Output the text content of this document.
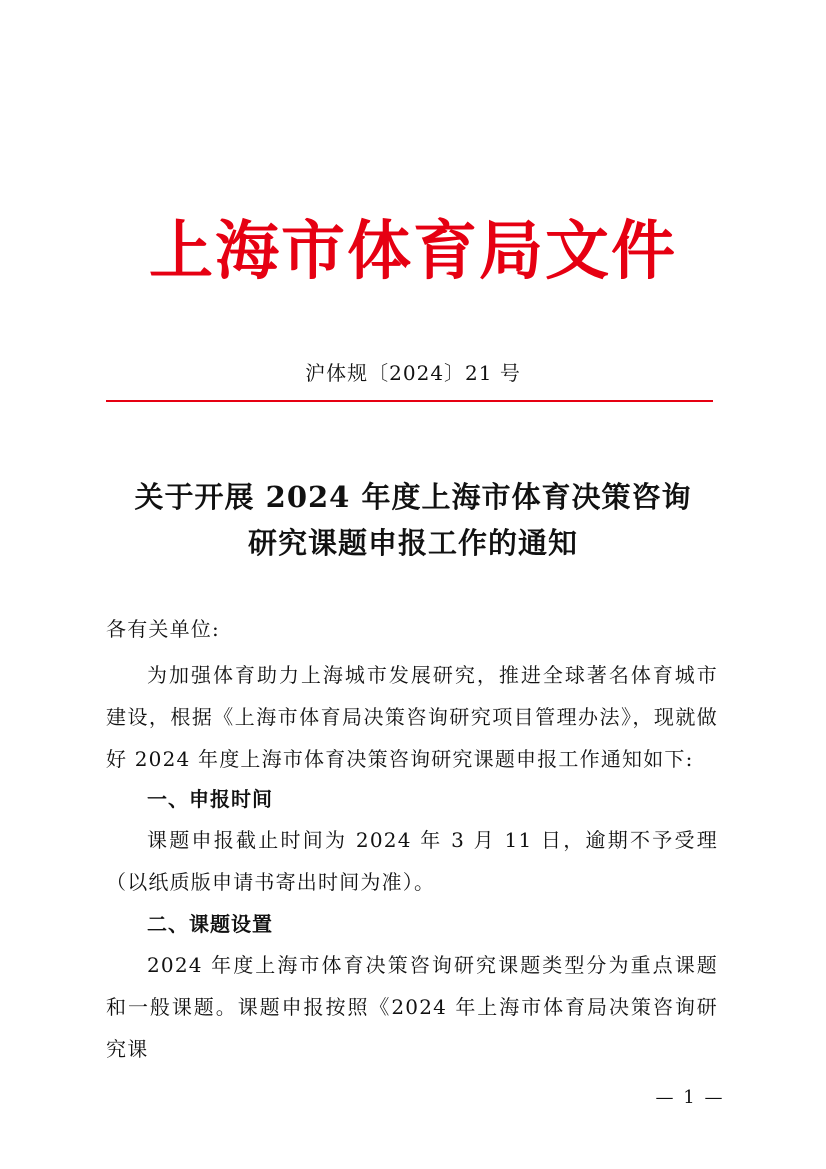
上海市体育局文件
沪体规〔2024〕21 号
关于开展 2024 年度上海市体育决策咨询
研究课题申报工作的通知
各有关单位:
为加强体育助力上海城市发展研究，推进全球著名体育城市建设，根据《上海市体育局决策咨询研究项目管理办法》，现就做好 2024 年度上海市体育决策咨询研究课题申报工作通知如下:
一、申报时间
课题申报截止时间为 2024 年 3 月 11 日，逾期不予受理（以纸质版申请书寄出时间为准）。
二、课题设置
2024 年度上海市体育决策咨询研究课题类型分为重点课题和一般课题。课题申报按照《2024 年上海市体育局决策咨询研究课
— 1 —
